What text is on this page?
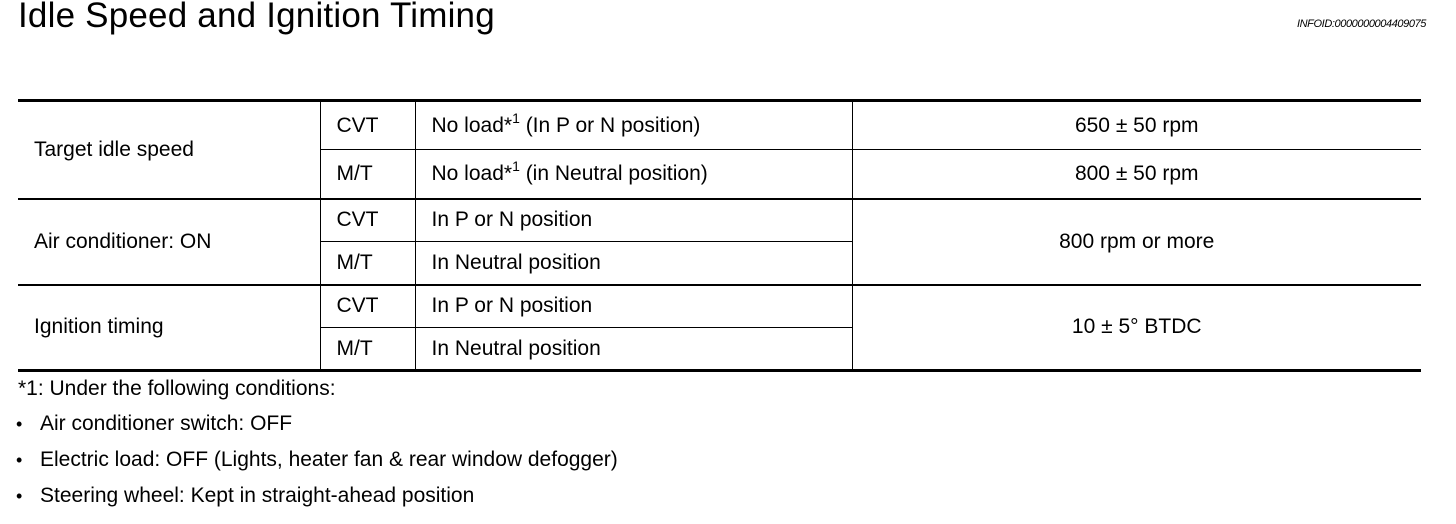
Idle Speed and Ignition Timing	INFOID:0000000004409075
Target idle speed	CVT	No load*$^1$ (In P or N position)	650 ± 50 rpm
	M/T	No load*$^1$ (in Neutral position)	800 ± 50 rpm
Air conditioner: ON	CVT	In P or N position	800 rpm or more
	M/T	In Neutral position	
Ignition timing	CVT	In P or N position	10 ± 5° BTDC
	M/T	In Neutral position	

*1: Under the following conditions:

• Air conditioner switch: OFF
• Electric load: OFF (Lights, heater fan & rear window defogger)
• Steering wheel: Kept in straight-ahead position
